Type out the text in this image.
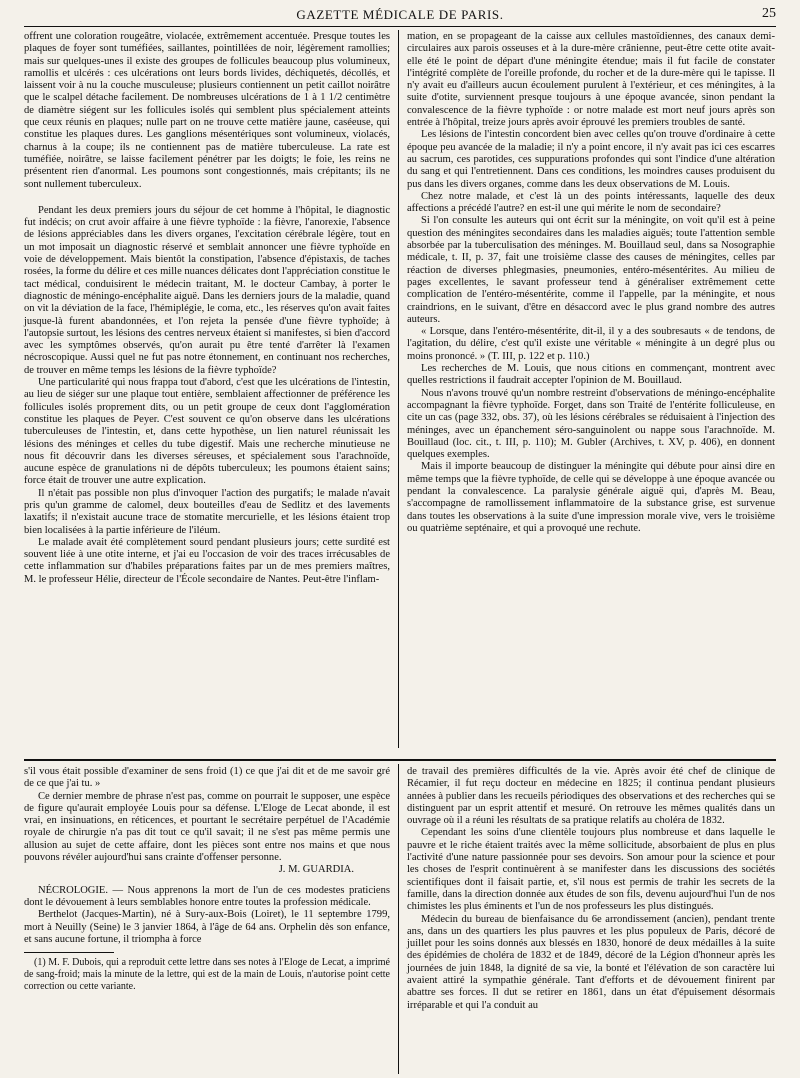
GAZETTE MÉDICALE DE PARIS.	25

offrent une coloration rougeâtre, violacée, extrêmement accentuée. Presque toutes les plaques de foyer sont tuméfiées, saillantes, pointillées de noir, légèrement ramollies; mais sur quelques-unes il existe des groupes de follicules beaucoup plus volumineux, ramollis et ulcérés : ces ulcérations ont leurs bords livides, déchiquetés, décollés, et laissent voir à nu la couche musculeuse; plusieurs contiennent un petit caillot noirâtre que le scalpel détache facilement. De nombreuses ulcérations de 1 à 1 1/2 centimètre de diamètre siégent sur les follicules isolés qui semblent plus spécialement atteints que ceux réunis en plaques; nulle part on ne trouve cette matière jaune, caséeuse, qui constitue les plaques dures. Les ganglions mésentériques sont volumineux, violacés, charnus à la coupe; ils ne contiennent pas de matière tuberculeuse. La rate est tuméfiée, noirâtre, se laisse facilement pénétrer par les doigts; le foie, les reins ne présentent rien d'anormal. Les poumons sont congestionnés, mais crépitants; ils ne sont nullement tuberculeux.

Pendant les deux premiers jours du séjour de cet homme à l'hôpital, le diagnostic fut indécis; on crut avoir affaire à une fièvre typhoïde : la fièvre, l'anorexie, l'absence de lésions appréciables dans les divers organes, l'excitation cérébrale légère, tout en un mot imposait un diagnostic réservé et semblait annoncer une fièvre typhoïde en voie de développement. Mais bientôt la constipation, l'absence d'épistaxis, de taches rosées, la forme du délire et ces mille nuances délicates dont l'appréciation constitue le tact médical, conduisirent le médecin traitant, M. le docteur Cambay, à porter le diagnostic de méningo-encéphalite aiguë. Dans les derniers jours de la maladie, quand on vit la déviation de la face, l'hémiplégie, le coma, etc., les réserves qu'on avait faites jusque-là furent abandonnées, et l'on rejeta la pensée d'une fièvre typhoïde; à l'autopsie surtout, les lésions des centres nerveux étaient si manifestes, si bien d'accord avec les symptômes observés, qu'on aurait pu être tenté d'arrêter là l'examen nécroscopique. Aussi quel ne fut pas notre étonnement, en continuant nos recherches, de trouver en même temps les lésions de la fièvre typhoïde?

Une particularité qui nous frappa tout d'abord, c'est que les ulcérations de l'intestin, au lieu de siéger sur une plaque tout entière, semblaient affectionner de préférence les follicules isolés proprement dits, ou un petit groupe de ceux dont l'agglomération constitue les plaques de Peyer. C'est souvent ce qu'on observe dans les ulcérations tuberculeuses de l'intestin, et, dans cette hypothèse, un lien naturel réunissait les lésions des méninges et celles du tube digestif. Mais une recherche minutieuse ne nous fit découvrir dans les diverses séreuses, et spécialement sous l'arachnoïde, aucune espèce de granulations ni de dépôts tuberculeux; les poumons étaient sains; force était de trouver une autre explication.

Il n'était pas possible non plus d'invoquer l'action des purgatifs; le malade n'avait pris qu'un gramme de calomel, deux bouteilles d'eau de Sedlitz et des lavements laxatifs; il n'existait aucune trace de stomatite mercurielle, et les lésions étaient trop bien localisées à la partie inférieure de l'iléum.

Le malade avait été complètement sourd pendant plusieurs jours; cette surdité est souvent liée à une otite interne, et j'ai eu l'occasion de voir des traces irrécusables de cette inflammation sur d'habiles préparations faites par un de mes premiers maîtres, M. le professeur Hélie, directeur de l'École secondaire de Nantes. Peut-être l'inflam-

mation, en se propageant de la caisse aux cellules mastoïdiennes, des canaux demi-circulaires aux parois osseuses et à la dure-mère crânienne, peut-être cette otite avait-elle été le point de départ d'une méningite étendue; mais il fut facile de constater l'intégrité complète de l'oreille profonde, du rocher et de la dure-mère qui le tapisse. Il n'y avait eu d'ailleurs aucun écoulement purulent à l'extérieur, et ces méningites, à la suite d'otite, surviennent presque toujours à une époque avancée, sinon pendant la convalescence de la fièvre typhoïde : or notre malade est mort neuf jours après son entrée à l'hôpital, treize jours après avoir éprouvé les premiers troubles de santé.

Les lésions de l'intestin concordent bien avec celles qu'on trouve d'ordinaire à cette époque peu avancée de la maladie; il n'y a point encore, il n'y avait pas ici ces escarres au sacrum, ces parotides, ces suppurations profondes qui sont l'indice d'une altération du sang et qui l'entretiennent. Dans ces conditions, les moindres causes produisent du pus dans les divers organes, comme dans les deux observations de M. Louis.

Chez notre malade, et c'est là un des points intéressants, laquelle des deux affections a précédé l'autre? en est-il une qui mérite le nom de secondaire?

Si l'on consulte les auteurs qui ont écrit sur la méningite, on voit qu'il est à peine question des méningites secondaires dans les maladies aiguës; toute l'attention semble absorbée par la tuberculisation des méninges. M. Bouillaud seul, dans sa Nosographie médicale, t. II, p. 37, fait une troisième classe des causes de méningites, celles par réaction de diverses phlegmasies, pneumonies, entéro-mésentérites. Au milieu de pages excellentes, le savant professeur tend à généraliser extrêmement cette complication de l'entéro-mésentérite, comme il l'appelle, par la méningite, et nous craindrions, en le suivant, d'être en désaccord avec le plus grand nombre des autres auteurs.

« Lorsque, dans l'entéro-mésentérite, dit-il, il y a des soubresauts « de tendons, de l'agitation, du délire, c'est qu'il existe une véritable « méningite à un degré plus ou moins prononcé. » (T. III, p. 122 et p. 110.)

Les recherches de M. Louis, que nous citions en commençant, montrent avec quelles restrictions il faudrait accepter l'opinion de M. Bouillaud.

Nous n'avons trouvé qu'un nombre restreint d'observations de méningo-encéphalite accompagnant la fièvre typhoïde. Forget, dans son Traité de l'entérite folliculeuse, en cite un cas (page 332, obs. 37), où les lésions cérébrales se réduisaient à l'injection des méninges, avec un épanchement séro-sanguinolent ou nappe sous l'arachnoïde. M. Bouillaud (loc. cit., t. III, p. 110); M. Gubler (Archives, t. XV, p. 406), en donnent quelques exemples.

Mais il importe beaucoup de distinguer la méningite qui débute pour ainsi dire en même temps que la fièvre typhoïde, de celle qui se développe à une époque avancée ou pendant la convalescence. La paralysie générale aiguë qui, d'après M. Beau, s'accompagne de ramollissement inflammatoire de la substance grise, est survenue dans toutes les observations à la suite d'une impression morale vive, vers le troisième ou quatrième septénaire, et qui a provoqué une rechute.

s'il vous était possible d'examiner de sens froid (1) ce que j'ai dit et de me savoir gré de ce que j'ai tu. »

Ce dernier membre de phrase n'est pas, comme on pourrait le supposer, une espèce de figure qu'aurait employée Louis pour sa défense. L'Eloge de Lecat abonde, il est vrai, en insinuations, en réticences, et pourtant le secrétaire perpétuel de l'Académie royale de chirurgie n'a pas dit tout ce qu'il savait; il ne s'est pas même permis une allusion au sujet de cette affaire, dont les pièces sont entre nos mains et que nous pouvons révéler aujourd'hui sans crainte d'offenser personne.

J. M. GUARDIA.

NÉCROLOGIE. — Nous apprenons la mort de l'un de ces modestes praticiens dont le dévouement à leurs semblables honore entre toutes la profession médicale.

Berthelot (Jacques-Martin), né à Sury-aux-Bois (Loiret), le 11 septembre 1799, mort à Neuilly (Seine) le 3 janvier 1864, à l'âge de 64 ans. Orphelin dès son enfance, et sans aucune fortune, il triompha à force

(1) M. F. Dubois, qui a reproduit cette lettre dans ses notes à l'Eloge de Lecat, a imprimé de sang-froid; mais la minute de la lettre, qui est de la main de Louis, n'autorise point cette correction ou cette variante.

de travail des premières difficultés de la vie. Après avoir été chef de clinique de Récamier, il fut reçu docteur en médecine en 1825; il continua pendant plusieurs années à publier dans les recueils périodiques des observations et des recherches qui se distinguent par un esprit attentif et mesuré. On retrouve les mêmes qualités dans un ouvrage où il a réuni les résultats de sa pratique relatifs au choléra de 1832.

Cependant les soins d'une clientèle toujours plus nombreuse et dans laquelle le pauvre et le riche étaient traités avec la même sollicitude, absorbaient de plus en plus l'activité d'une nature passionnée pour ses devoirs. Son amour pour la science et pour les choses de l'esprit continuèrent à se manifester dans les discussions des sociétés scientifiques dont il faisait partie, et, s'il nous est permis de trahir les secrets de la famille, dans la direction donnée aux études de son fils, devenu aujourd'hui l'un de nos chimistes les plus éminents et l'un de nos professeurs les plus distingués.

Médecin du bureau de bienfaisance du 6e arrondissement (ancien), pendant trente ans, dans un des quartiers les plus pauvres et les plus populeux de Paris, décoré de juillet pour les soins donnés aux blessés en 1830, honoré de deux médailles à la suite des épidémies de choléra de 1832 et de 1849, décoré de la Légion d'honneur après les journées de juin 1848, la dignité de sa vie, la bonté et l'élévation de son caractère lui avaient attiré la sympathie générale. Tant d'efforts et de dévouement finirent par abattre ses forces. Il dut se retirer en 1861, dans un état d'épuisement désormais irréparable et qui l'a conduit au
